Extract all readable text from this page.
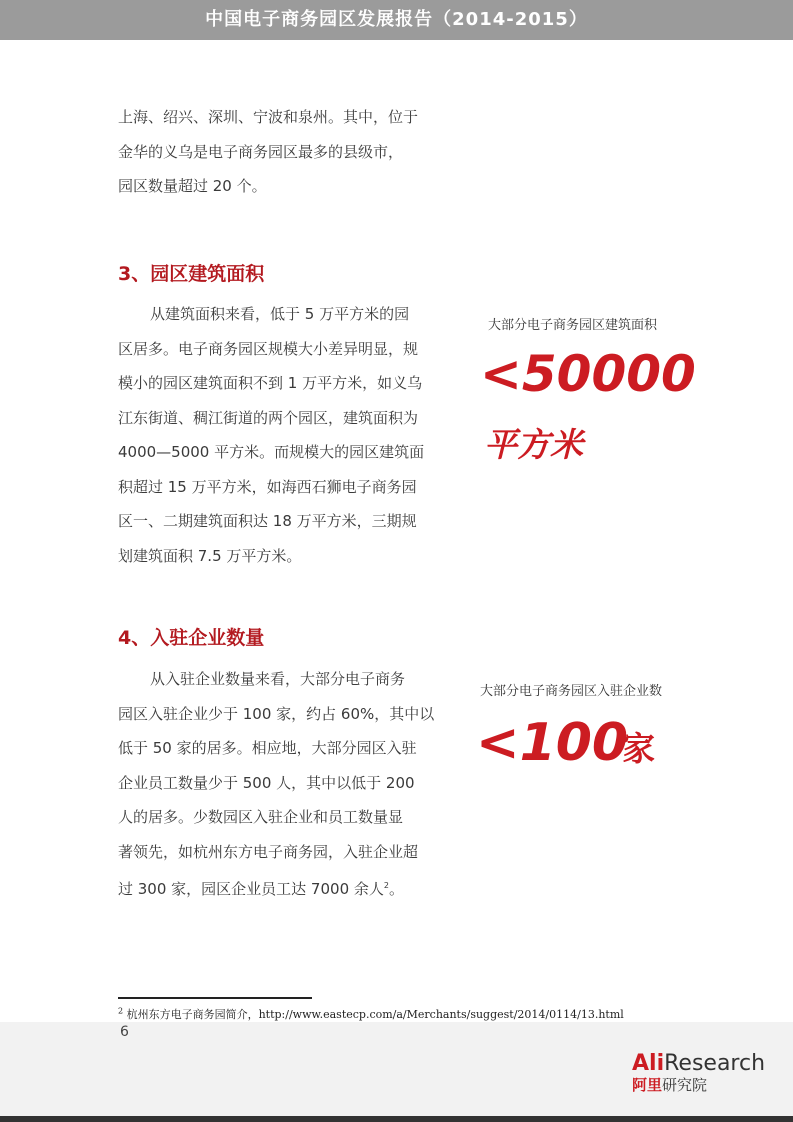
中国电子商务园区发展报告（2014-2015）
上海、绍兴、深圳、宁波和泉州。其中，位于
金华的义乌是电子商务园区最多的县级市，
园区数量超过 20 个。
3、园区建筑面积
从建筑面积来看，低于 5 万平方米的园
区居多。电子商务园区规模大小差异明显，规
模小的园区建筑面积不到 1 万平方米，如义乌
江东街道、稠江街道的两个园区，建筑面积为
4000—5000 平方米。而规模大的园区建筑面
积超过 15 万平方米，如海西石狮电子商务园
区一、二期建筑面积达 18 万平方米，三期规
划建筑面积 7.5 万平方米。
大部分电子商务园区建筑面积
<50000
平方米
4、入驻企业数量
从入驻企业数量来看，大部分电子商务
园区入驻企业少于 100 家，约占 60%，其中以
低于 50 家的居多。相应地，大部分园区入驻
企业员工数量少于 500 人，其中以低于 200
人的居多。少数园区入驻企业和员工数量显
著领先，如杭州东方电子商务园，入驻企业超
过 300 家，园区企业员工达 7000 余人$^2$。
大部分电子商务园区入驻企业数
<100
家
$^2$ 杭州东方电子商务园简介，http://www.eastecp.com/a/Merchants/suggest/2014/0114/13.html
6
AliResearch
阿里研究院
